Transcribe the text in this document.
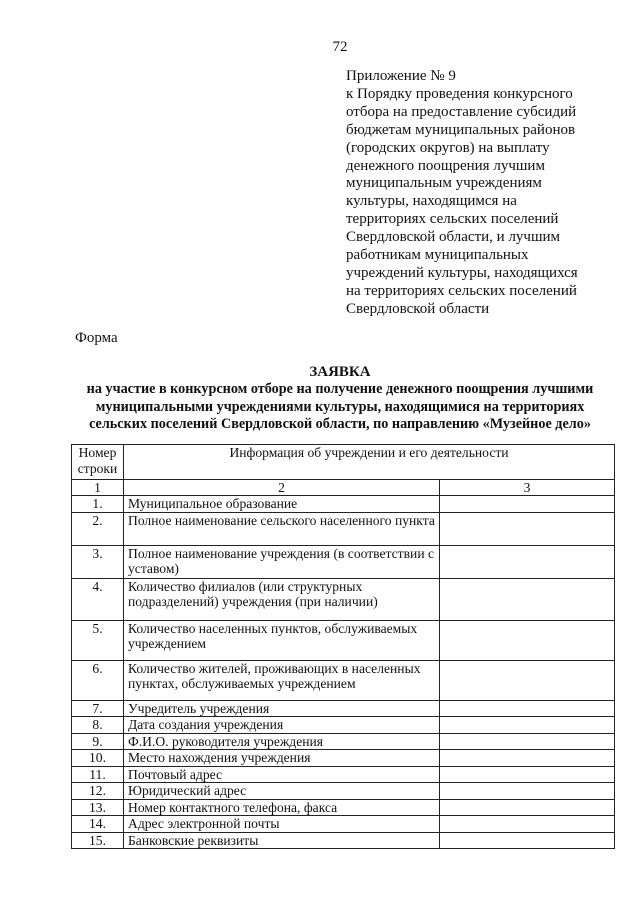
72
Приложение № 9
к Порядку проведения конкурсного
отбора на предоставление субсидий
бюджетам муниципальных районов
(городских округов) на выплату
денежного поощрения лучшим
муниципальным учреждениям
культуры, находящимся на
территориях сельских поселений
Свердловской области, и лучшим
работникам муниципальных
учреждений культуры, находящихся
на территориях сельских поселений
Свердловской области
Форма
ЗАЯВКА
на участие в конкурсном отборе на получение денежного поощрения лучшими
муниципальными учреждениями культуры, находящимися на территориях
сельских поселений Свердловской области, по направлению «Музейное дело»
Номер
строки	Информация об учреждении и его деятельности	
1	2	3
1.	Муниципальное образование	
2.	Полное наименование сельского населенного пункта	
3.	Полное наименование учреждения (в соответствии с уставом)	
4.	Количество филиалов (или структурных подразделений) учреждения (при наличии)	
5.	Количество населенных пунктов, обслуживаемых учреждением	
6.	Количество жителей, проживающих в населенных пунктах, обслуживаемых учреждением	
7.	Учредитель учреждения	
8.	Дата создания учреждения	
9.	Ф.И.О. руководителя учреждения	
10.	Место нахождения учреждения	
11.	Почтовый адрес	
12.	Юридический адрес	
13.	Номер контактного телефона, факса	
14.	Адрес электронной почты	
15.	Банковские реквизиты	
